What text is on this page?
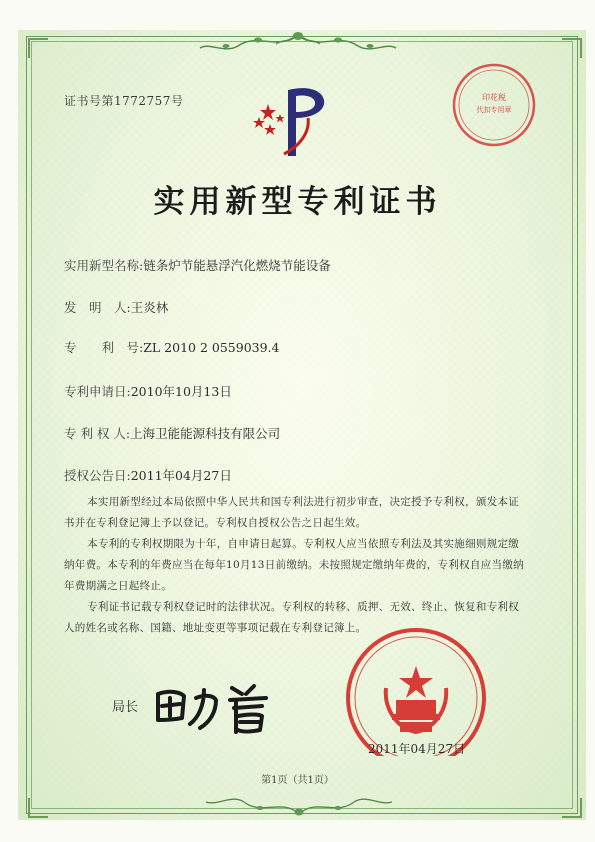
证书号第1772757号	印花税
代扣专用章
实用新型专利证书
实用新型名称:链条炉节能悬浮汽化燃烧节能设备
发　明　人:王炎林
专　　利　号:ZL 2010 2 0559039.4
专利申请日:2010年10月13日
专 利 权 人:上海卫能能源科技有限公司
授权公告日:2011年04月27日

本实用新型经过本局依照中华人民共和国专利法进行初步审查，决定授予专利权，颁发本证书并在专利登记簿上予以登记。专利权自授权公告之日起生效。

本专利的专利权期限为十年，自申请日起算。专利权人应当依照专利法及其实施细则规定缴纳年费。本专利的年费应当在每年10月13日前缴纳。未按照规定缴纳年费的，专利权自应当缴纳年费期满之日起终止。

专利证书记载专利权登记时的法律状况。专利权的转移、质押、无效、终止、恢复和专利权人的姓名或名称、国籍、地址变更等事项记载在专利登记簿上。

局长
田力普
2011年04月27日
第1页（共1页）
